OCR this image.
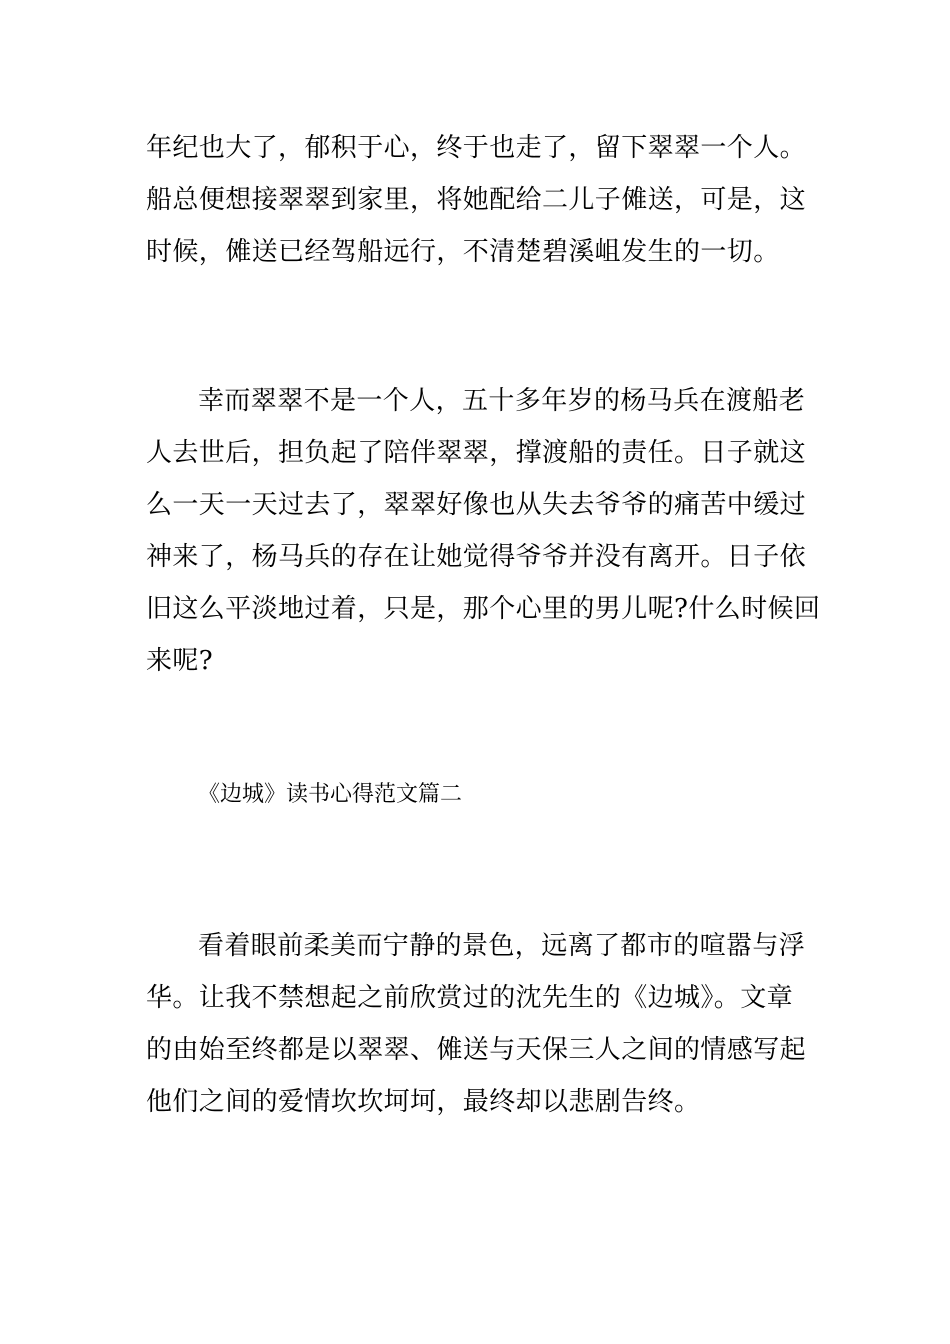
年纪也大了，郁积于心，终于也走了，留下翠翠一个人。
船总便想接翠翠到家里，将她配给二儿子傩送，可是，这
时候，傩送已经驾船远行，不清楚碧溪岨发生的一切。

幸而翠翠不是一个人，五十多年岁的杨马兵在渡船老
人去世后，担负起了陪伴翠翠，撑渡船的责任。日子就这
么一天一天过去了，翠翠好像也从失去爷爷的痛苦中缓过
神来了，杨马兵的存在让她觉得爷爷并没有离开。日子依
旧这么平淡地过着，只是，那个心里的男儿呢?什么时候回
来呢?

《边城》读书心得范文篇二

看着眼前柔美而宁静的景色，远离了都市的喧嚣与浮
华。让我不禁想起之前欣赏过的沈先生的《边城》。文章
的由始至终都是以翠翠、傩送与天保三人之间的情感写起
他们之间的爱情坎坎坷坷，最终却以悲剧告终。
